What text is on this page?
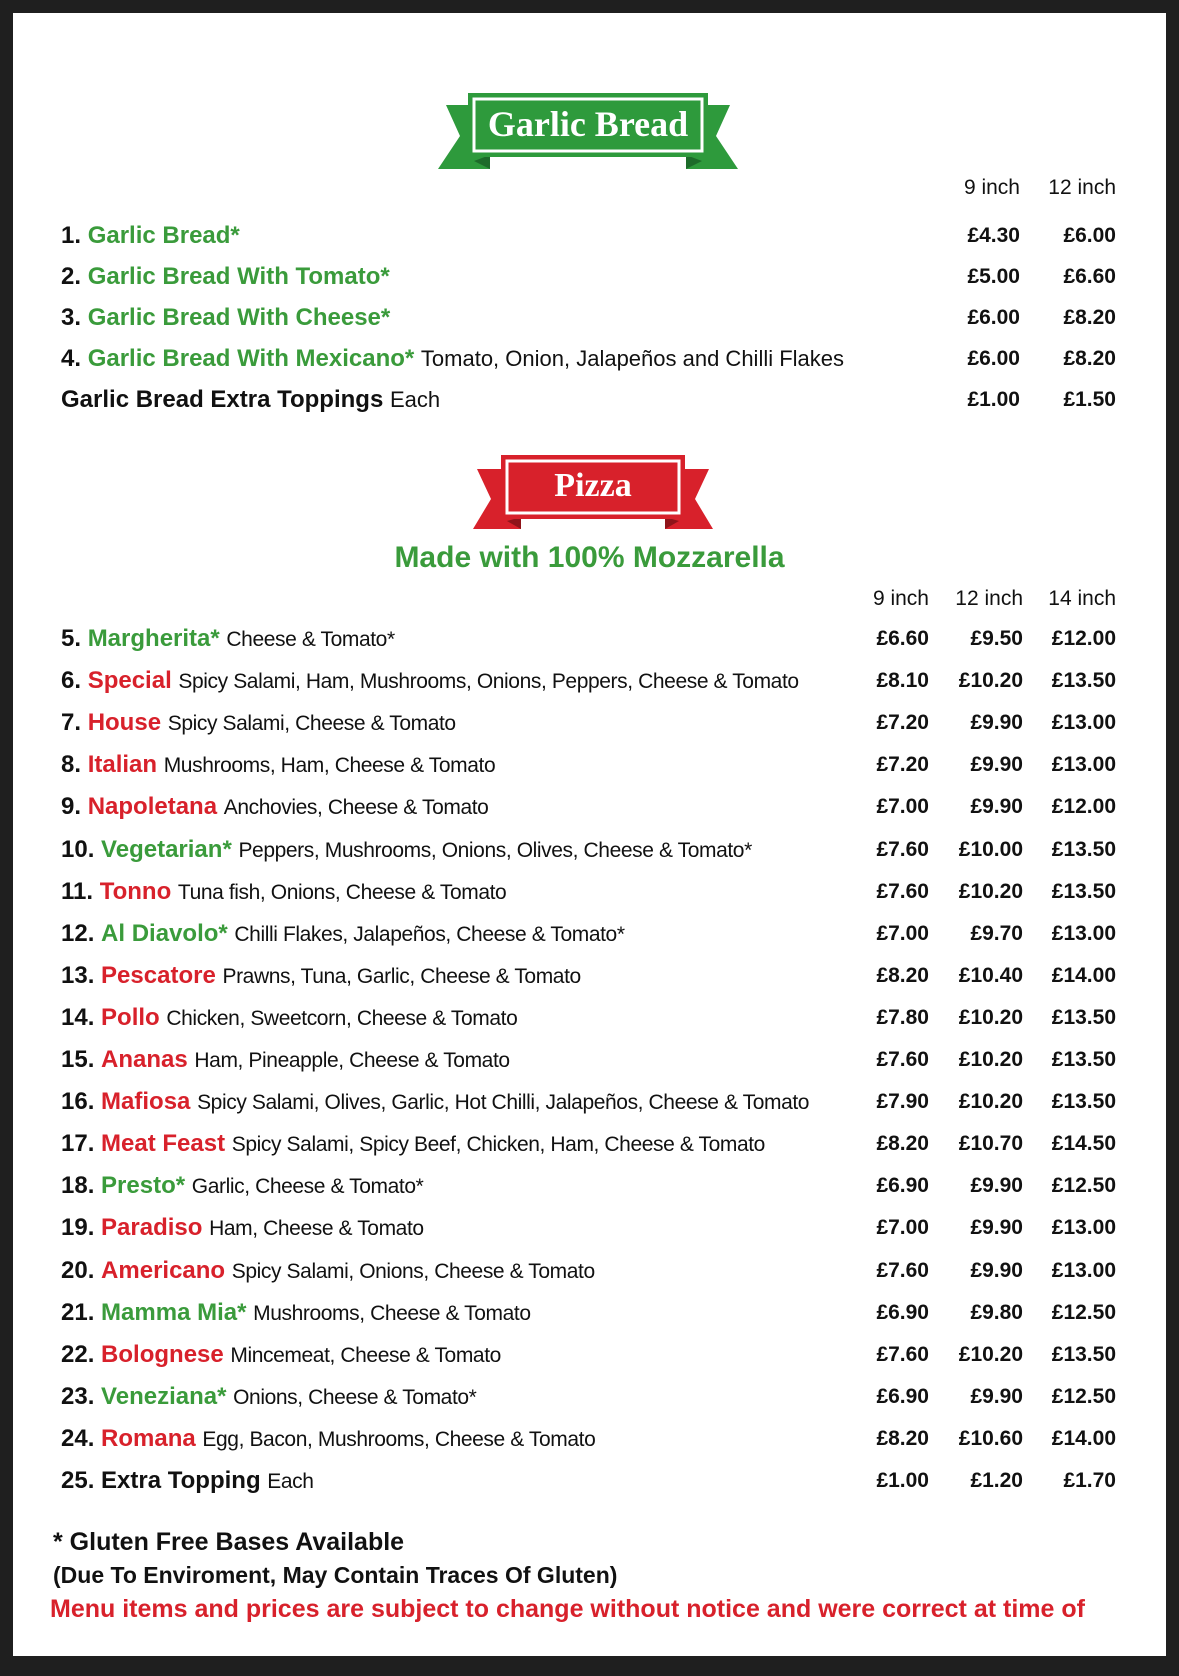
Garlic Bread
9 inch	12 inch
1. Garlic Bread*	£4.30	£6.00
2. Garlic Bread With Tomato*	£5.00	£6.60
3. Garlic Bread With Cheese*	£6.00	£8.20
4. Garlic Bread With Mexicano* Tomato, Onion, Jalapeños and Chilli Flakes	£6.00	£8.20
Garlic Bread Extra Toppings Each	£1.00	£1.50
Pizza
Made with 100% Mozzarella
9 inch	12 inch	14 inch
5. Margherita* Cheese & Tomato*	£6.60	£9.50	£12.00
6. Special Spicy Salami, Ham, Mushrooms, Onions, Peppers, Cheese & Tomato	£8.10	£10.20	£13.50
7. House Spicy Salami, Cheese & Tomato	£7.20	£9.90	£13.00
8. Italian Mushrooms, Ham, Cheese & Tomato	£7.20	£9.90	£13.00
9. Napoletana Anchovies, Cheese & Tomato	£7.00	£9.90	£12.00
10. Vegetarian* Peppers, Mushrooms, Onions, Olives, Cheese & Tomato*	£7.60	£10.00	£13.50
11. Tonno Tuna fish, Onions, Cheese & Tomato	£7.60	£10.20	£13.50
12. Al Diavolo* Chilli Flakes, Jalapeños, Cheese & Tomato*	£7.00	£9.70	£13.00
13. Pescatore Prawns, Tuna, Garlic, Cheese & Tomato	£8.20	£10.40	£14.00
14. Pollo Chicken, Sweetcorn, Cheese & Tomato	£7.80	£10.20	£13.50
15. Ananas Ham, Pineapple, Cheese & Tomato	£7.60	£10.20	£13.50
16. Mafiosa Spicy Salami, Olives, Garlic, Hot Chilli, Jalapeños, Cheese & Tomato	£7.90	£10.20	£13.50
17. Meat Feast Spicy Salami, Spicy Beef, Chicken, Ham, Cheese & Tomato	£8.20	£10.70	£14.50
18. Presto* Garlic, Cheese & Tomato*	£6.90	£9.90	£12.50
19. Paradiso Ham, Cheese & Tomato	£7.00	£9.90	£13.00
20. Americano Spicy Salami, Onions, Cheese & Tomato	£7.60	£9.90	£13.00
21. Mamma Mia* Mushrooms, Cheese & Tomato	£6.90	£9.80	£12.50
22. Bolognese Mincemeat, Cheese & Tomato	£7.60	£10.20	£13.50
23. Veneziana* Onions, Cheese & Tomato*	£6.90	£9.90	£12.50
24. Romana Egg, Bacon, Mushrooms, Cheese & Tomato	£8.20	£10.60	£14.00
25. Extra Topping Each	£1.00	£1.20	£1.70
* Gluten Free Bases Available
(Due To Enviroment, May Contain Traces Of Gluten)
Menu items and prices are subject to change without notice and were correct at time of
